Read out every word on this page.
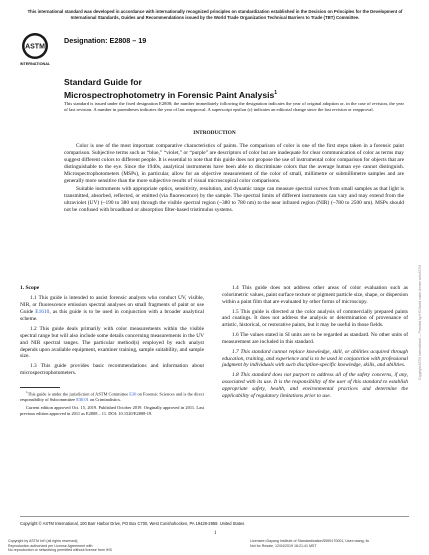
This international standard was developed in accordance with internationally recognized principles on standardization established in the Decision on Principles for the Development of International Standards, Guides and Recommendations issued by the World Trade Organization Technical Barriers to Trade (TBT) Committee.
ASTM
INTERNATIONAL
Designation: E2808 – 19
Standard Guide for
Microspectrophotometry in Forensic Paint Analysis$^1$
This standard is issued under the fixed designation E2808; the number immediately following the designation indicates the year of original adoption or, in the case of revision, the year of last revision. A number in parentheses indicates the year of last reapproval. A superscript epsilon (ε) indicates an editorial change since the last revision or reapproval.
INTRODUCTION

Color is one of the most important comparative characteristics of paints. The comparison of color is one of the first steps taken in a forensic paint comparison. Subjective terms such as “blue,” “violet,” or “purple” are descriptors of color but are inadequate for clear communication of color as terms may suggest different colors to different people. It is essential to note that this guide does not propose the use of instrumental color comparison for objects that are distinguishable to the eye. Since the 1940s, analytical instruments have been able to discriminate colors that the average human eye cannot distinguish. Microspectrophotometers (MSPs), in particular, allow for an objective measurement of the color of small, millimetre or submillimetre samples and are generally more sensitive than the more subjective results of visual microscopical color comparisons.

Suitable instruments with appropriate optics, sensitivity, resolution, and dynamic range can measure spectral curves from small samples as that light is transmitted, absorbed, reflected, or emitted (via fluorescence) by the sample. The spectral limits of different instruments can vary and may extend from the ultraviolet (UV) (~190 to 380 nm) through the visible spectral region (~380 to 780 nm) to the near infrared region (NIR) (~780 to 2500 nm). MSPs should not be confused with broadband or absorption filter-based tristimulus systems.

Copyright ASTM International — Provided by IHS Markit under license with ASTM

1. Scope

1.1 This guide is intended to assist forensic analysts who conduct UV, visible, NIR, or fluorescence emission spectral analyses on small fragments of paint or use Guide E1610, as this guide is to be used in conjunction with a broader analytical scheme.

1.2 This guide deals primarily with color measurements within the visible spectral range but will also include some details concerning measurements in the UV and NIR spectral ranges. The particular method(s) employed by each analyst depends upon available equipment, examiner training, sample suitability, and sample size.

1.3 This guide provides basic recommendations and information about microspectrophotometers.

$^1$This guide is under the jurisdiction of ASTM Committee E30 on Forensic Sciences and is the direct responsibility of Subcommittee E30.01 on Criminalistics.

Current edition approved Oct. 15, 2019. Published October 2019. Originally approved in 2011. Last previous edition approved in 2011 as E2808 – 11. DOI: 10.1520/E2808-19.

1.4 This guide does not address other areas of color evaluation such as colorimetric values, paint surface texture or pigment particle size, shape, or dispersion within a paint film that are evaluated by other forms of microscopy.

1.5 This guide is directed at the color analysis of commercially prepared paints and coatings. It does not address the analysis or determination of provenance of artistic, historical, or restorative paints, but it may be useful in those fields.

1.6 The values stated in SI units are to be regarded as standard. No other units of measurement are included in this standard.

1.7 This standard cannot replace knowledge, skill, or abilities acquired through education, training, and experience and is to be used in conjunction with professional judgment by individuals with such discipline-specific knowledge, skills, and abilities.

1.8 This standard does not purport to address all of the safety concerns, if any, associated with its use. It is the responsibility of the user of this standard to establish appropriate safety, health, and environmental practices and determine the applicability of regulatory limitations prior to use.

Copyright © ASTM International, 100 Barr Harbor Drive, PO Box C700, West Conshohocken, PA 19428-2959. United States
1
Copyright by ASTM Int'l (all rights reserved);
Reproduction authorized per License Agreement with
No reproduction or networking permitted without license from IHS
Licensee=Dayang Institute of Standardization/5959170001, User=wang, liu
Not for Resale, 12/04/2019 18:21:41 MST
